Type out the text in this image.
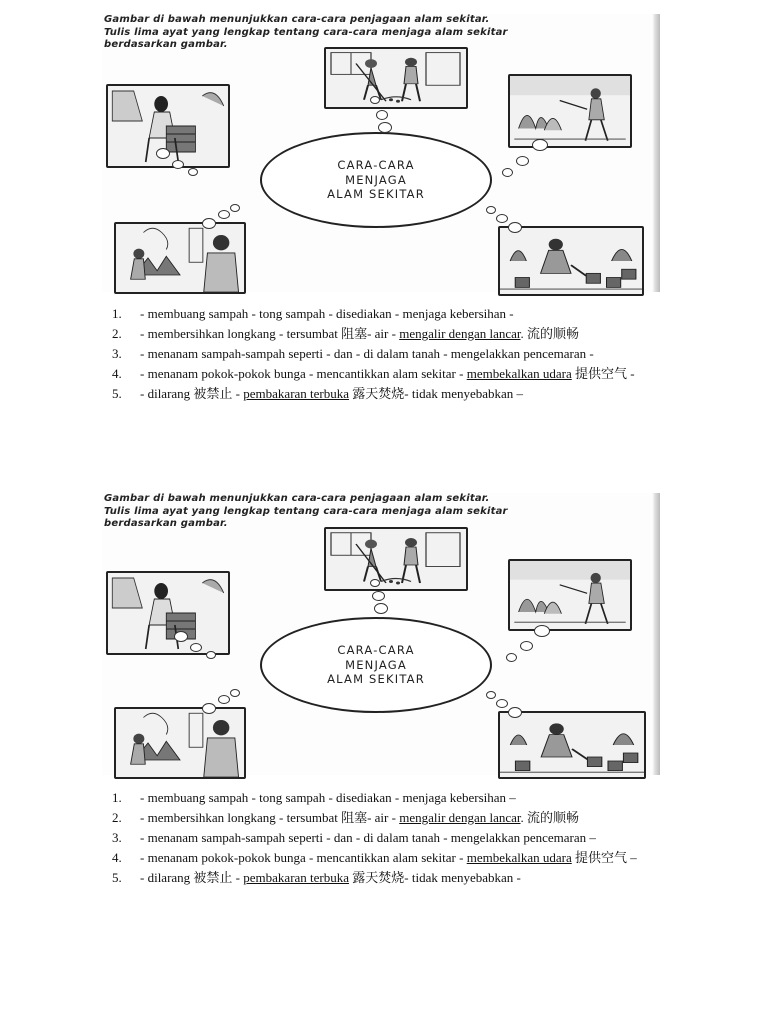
Gambar di bawah menunjukkan cara-cara penjagaan alam sekitar.
Tulis lima ayat yang lengkap tentang cara-cara menjaga alam sekitar
berdasarkan gambar.
CARA-CARA
MENJAGA
ALAM SEKITAR
1. - membuang sampah - tong sampah - disediakan - menjaga kebersihan -
2. - membersihkan longkang - tersumbat 阻塞- air - mengalir dengan lancar. 流的顺畅
3. - menanam sampah-sampah seperti - dan - di dalam tanah - mengelakkan pencemaran -
4. - menanam pokok-pokok bunga - mencantikkan alam sekitar - membekalkan udara 提供空气 -
5. - dilarang 被禁止 - pembakaran terbuka 露天焚烧- tidak menyebabkan –
Gambar di bawah menunjukkan cara-cara penjagaan alam sekitar.
Tulis lima ayat yang lengkap tentang cara-cara menjaga alam sekitar
berdasarkan gambar.
CARA-CARA
MENJAGA
ALAM SEKITAR
1. - membuang sampah - tong sampah - disediakan - menjaga kebersihan –
2. - membersihkan longkang - tersumbat 阻塞- air - mengalir dengan lancar. 流的顺畅
3. - menanam sampah-sampah seperti - dan - di dalam tanah - mengelakkan pencemaran –
4. - menanam pokok-pokok bunga - mencantikkan alam sekitar - membekalkan udara 提供空气 –
5. - dilarang 被禁止 - pembakaran terbuka 露天焚烧- tidak menyebabkan -
